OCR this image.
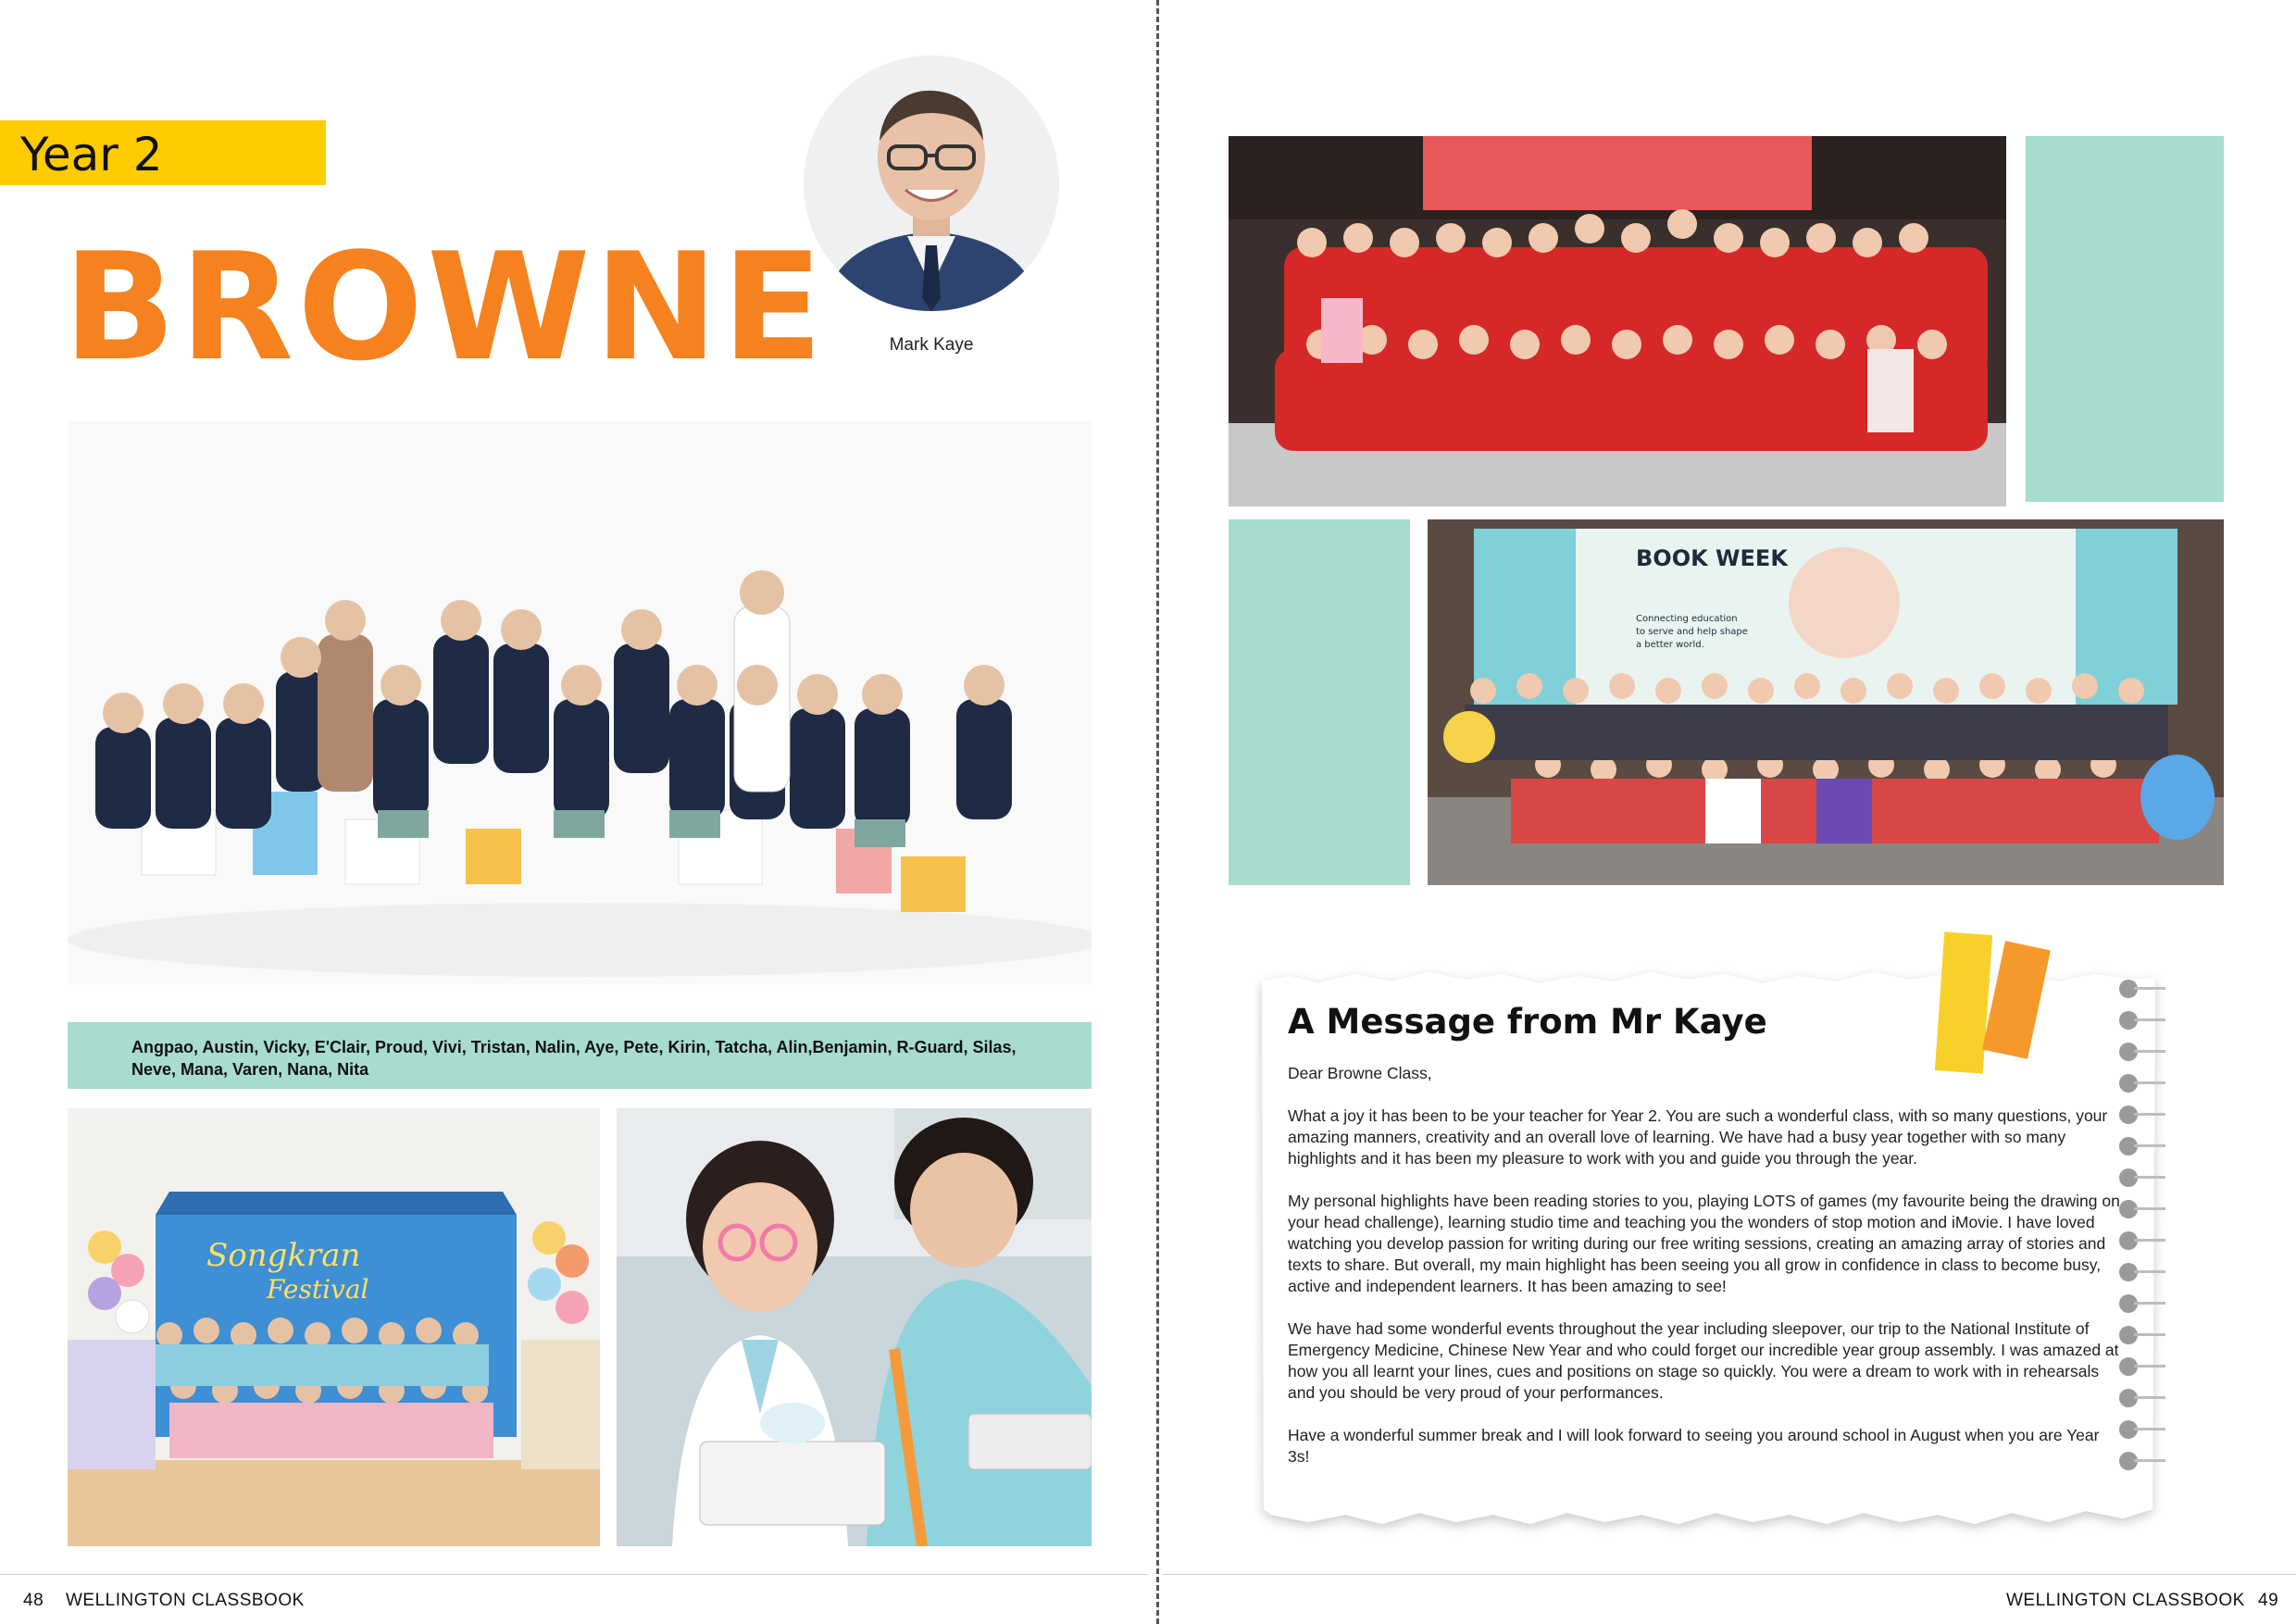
Year 2
BROWNE	Mark Kaye

Angpao, Austin, Vicky, E'Clair, Proud, Vivi, Tristan, Nalin, Aye, Pete, Kirin, Tatcha, Alin,Benjamin, R-Guard, Silas, Neve, Mana, Varen, Nana, Nita

Songkran
Festival
48 WELLINGTON CLASSBOOK
BOOK WEEK
Connecting education
to serve and help shape
a better world.
A Message from Mr Kaye

Dear Browne Class,

What a joy it has been to be your teacher for Year 2. You are such a wonderful class, with so many questions, your amazing manners, creativity and an overall love of learning. We have had a busy year together with so many highlights and it has been my pleasure to work with you and guide you through the year.

My personal highlights have been reading stories to you, playing LOTS of games (my favourite being the drawing on your head challenge), learning studio time and teaching you the wonders of stop motion and iMovie. I have loved watching you develop passion for writing during our free writing sessions, creating an amazing array of stories and texts to share. But overall, my main highlight has been seeing you all grow in confidence in class to become busy, active and independent learners. It has been amazing to see!

We have had some wonderful events throughout the year including sleepover, our trip to the National Institute of Emergency Medicine, Chinese New Year and who could forget our incredible year group assembly. I was amazed at how you all learnt your lines, cues and positions on stage so quickly. You were a dream to work with in rehearsals and you should be very proud of your performances.

Have a wonderful summer break and I will look forward to seeing you around school in August when you are Year 3s!

WELLINGTON CLASSBOOK 49
